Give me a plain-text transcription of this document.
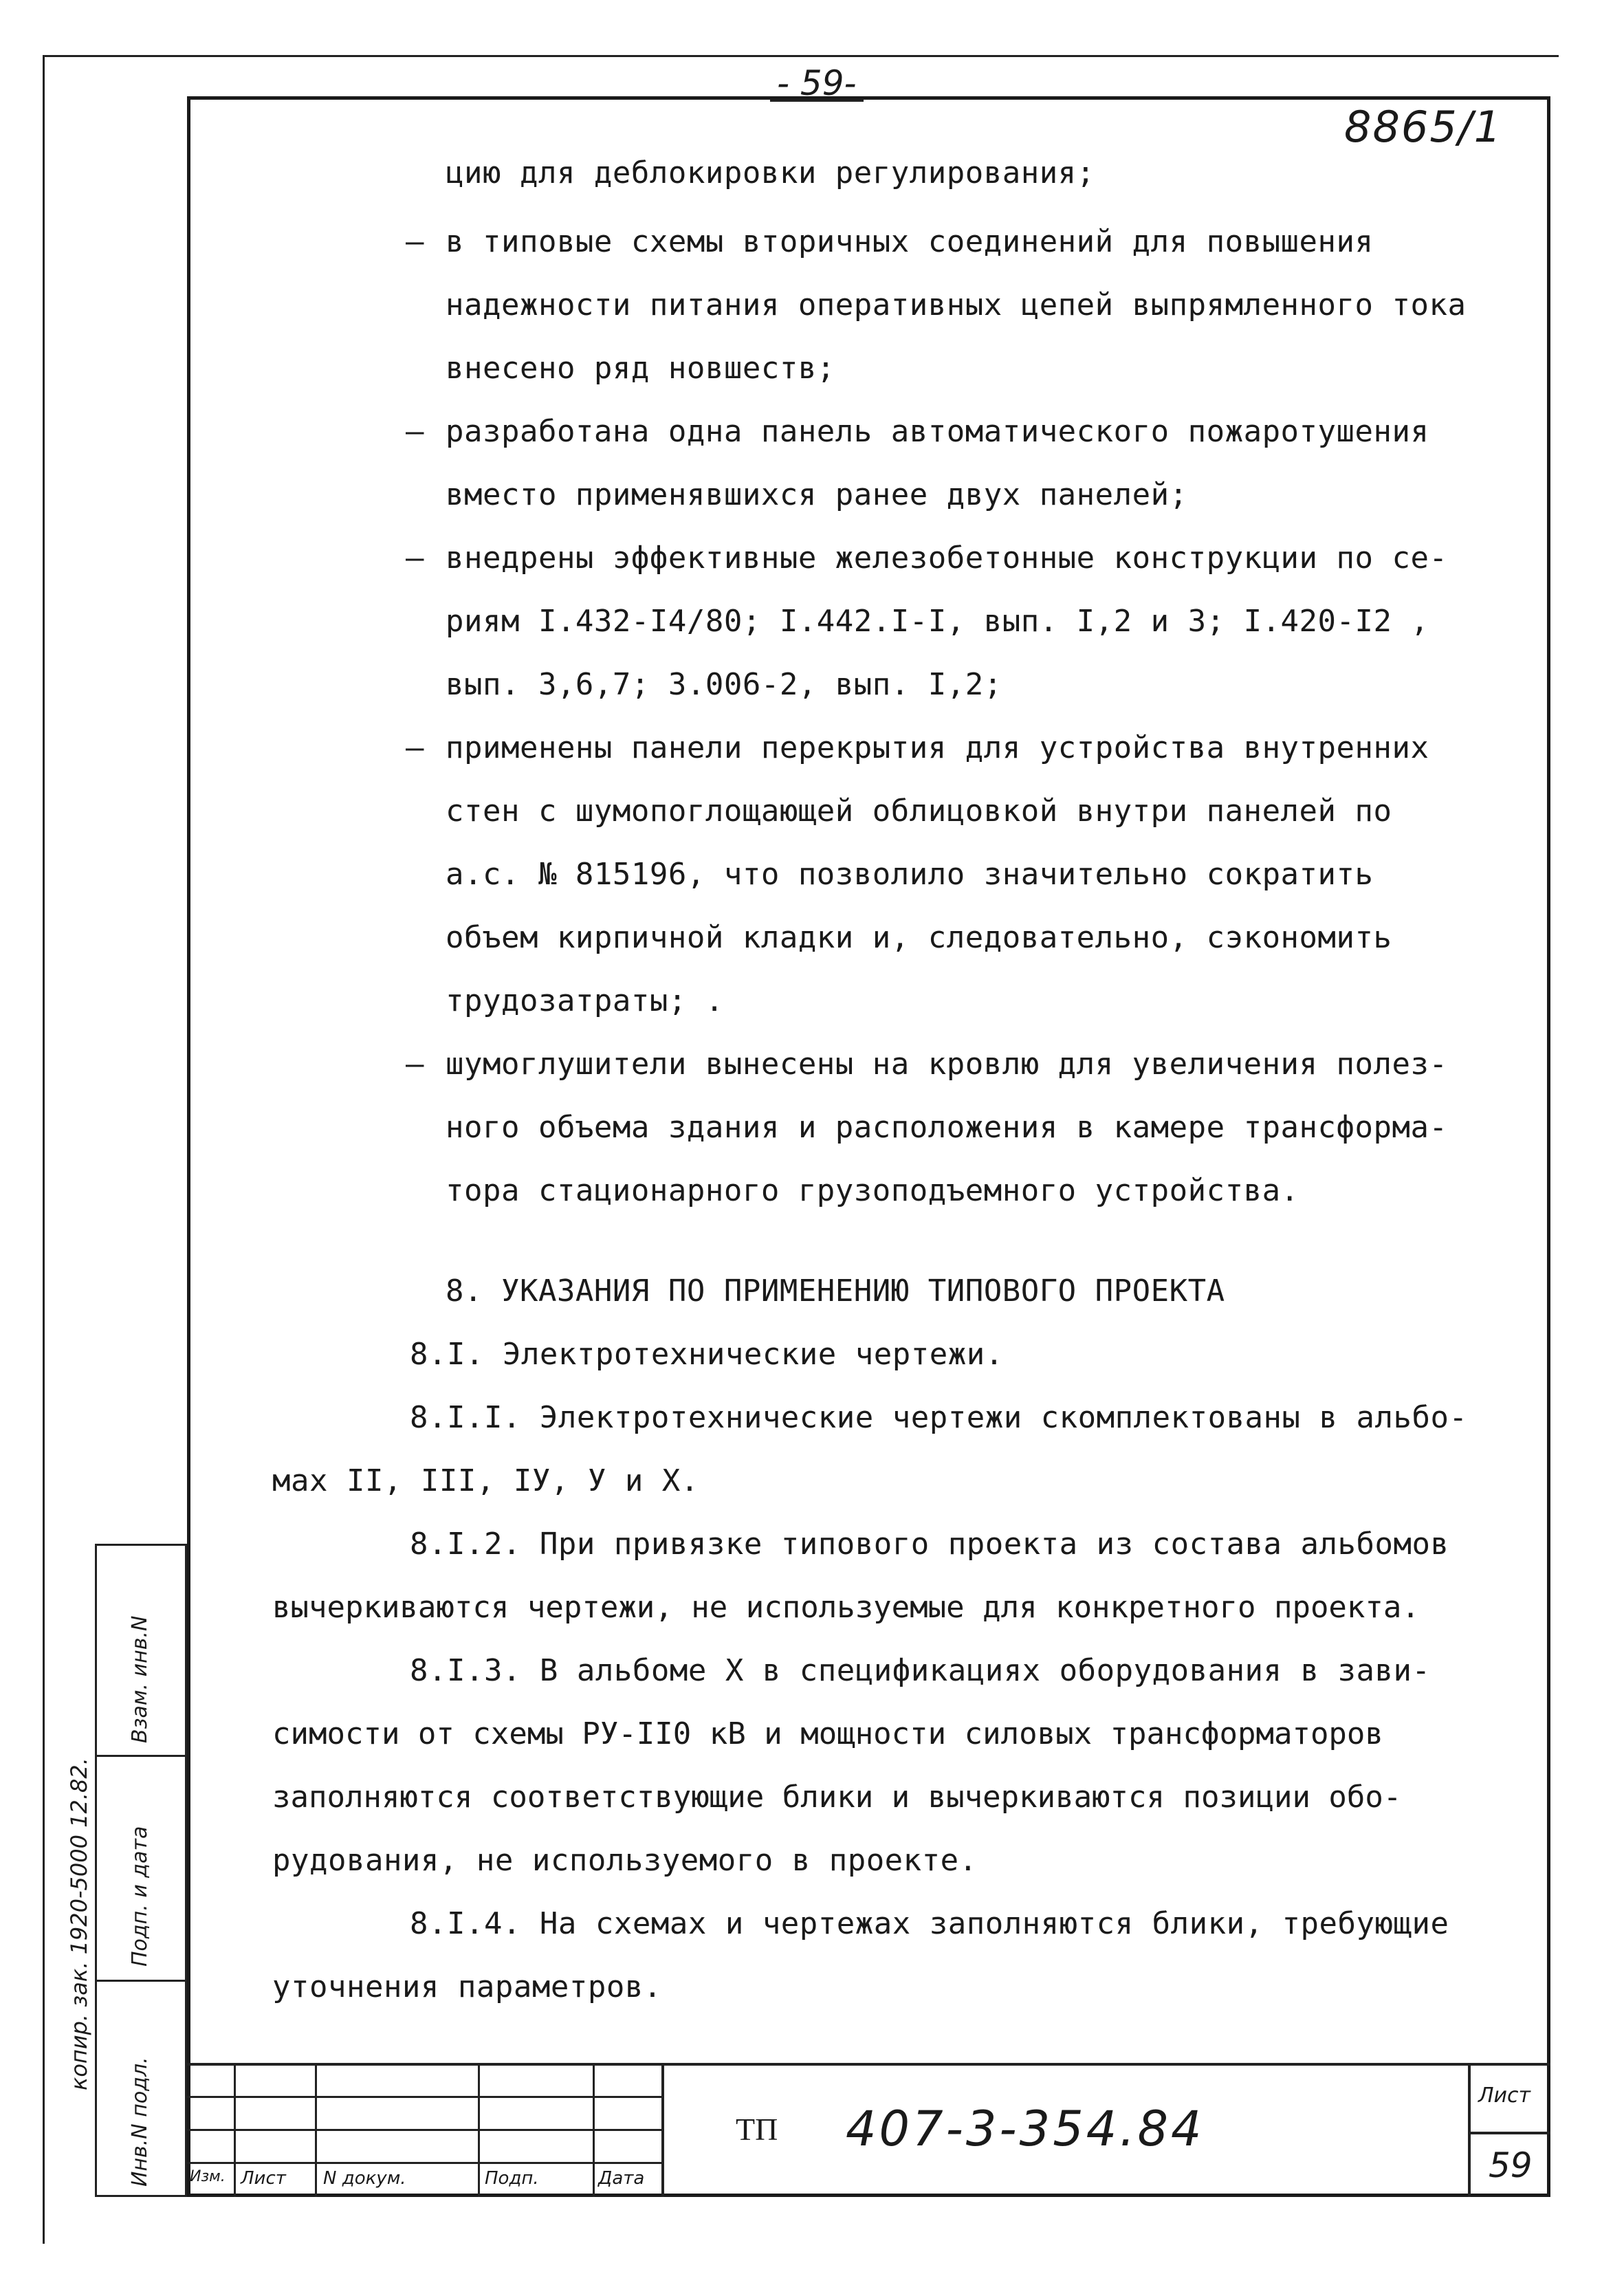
- 59-
8865/1
цию для деблокировки регулирования;
– в типовые схемы вторичных соединений для повышения
надежности питания оперативных цепей выпрямленного тока
внесено ряд новшеств;
– разработана одна панель автоматического пожаротушения
вместо применявшихся ранее двух панелей;
– внедрены эффективные железобетонные конструкции по се-
риям I.432-I4/80; I.442.I-I, вып. I,2 и 3; I.420-I2 ,
вып. 3,6,7; 3.006-2, вып. I,2;
– применены панели перекрытия для устройства внутренних
стен с шумопоглощающей облицовкой внутри панелей по
а.с. № 815196, что позволило значительно сократить
объем кирпичной кладки и, следовательно, сэкономить
трудозатраты; .
– шумоглушители вынесены на кровлю для увеличения полез-
ного объема здания и расположения в камере трансформа-
тора стационарного грузоподъемного устройства.
8. УКАЗАНИЯ ПО ПРИМЕНЕНИЮ ТИПОВОГО ПРОЕКТА
8.I. Электротехнические чертежи.
8.I.I. Электротехнические чертежи скомплектованы в альбо-
мах II, III, IУ, У и X.
8.I.2. При привязке типового проекта из состава альбомов
вычеркиваются чертежи, не используемые для конкретного проекта.
8.I.3. В альбоме X в спецификациях оборудования в зави-
симости от схемы РУ-II0 кВ и мощности силовых трансформаторов
заполняются соответствующие блики и вычеркиваются позиции обо-
рудования, не используемого в проекте.
8.I.4. На схемах и чертежах заполняются блики, требующие
уточнения параметров.
Взам. инв.N
Подп. и дата
Инв.N подл.
копир. зак. 1920-5000 12.82.
Изм. Лист N докум.	Подп.	Дата
ТП 407-3-354.84
Лист
59
